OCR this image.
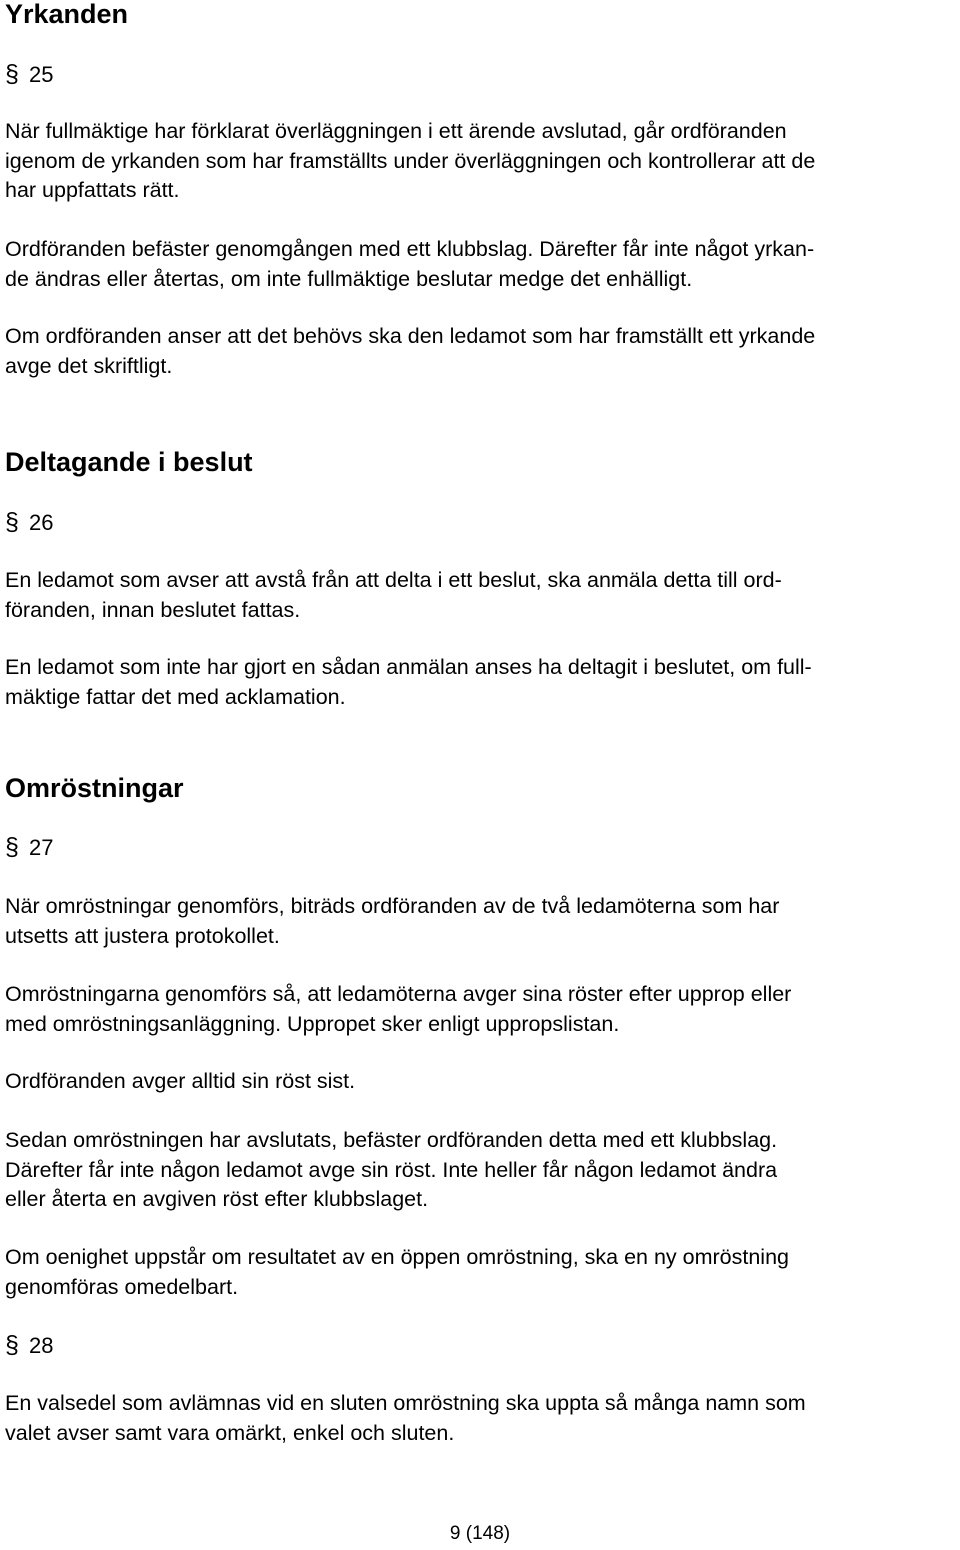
Yrkanden
§ 25

När fullmäktige har förklarat överläggningen i ett ärende avslutad, går ordföranden
igenom de yrkanden som har framställts under överläggningen och kontrollerar att de
har uppfattats rätt.

Ordföranden befäster genomgången med ett klubbslag. Därefter får inte något yrkan-
de ändras eller återtas, om inte fullmäktige beslutar medge det enhälligt.

Om ordföranden anser att det behövs ska den ledamot som har framställt ett yrkande
avge det skriftligt.

Deltagande i beslut
§ 26

En ledamot som avser att avstå från att delta i ett beslut, ska anmäla detta till ord-
föranden, innan beslutet fattas.

En ledamot som inte har gjort en sådan anmälan anses ha deltagit i beslutet, om full-
mäktige fattar det med acklamation.

Omröstningar
§ 27

När omröstningar genomförs, biträds ordföranden av de två ledamöterna som har
utsetts att justera protokollet.

Omröstningarna genomförs så, att ledamöterna avger sina röster efter upprop eller
med omröstningsanläggning. Uppropet sker enligt uppropslistan.

Ordföranden avger alltid sin röst sist.

Sedan omröstningen har avslutats, befäster ordföranden detta med ett klubbslag.
Därefter får inte någon ledamot avge sin röst. Inte heller får någon ledamot ändra
eller återta en avgiven röst efter klubbslaget.

Om oenighet uppstår om resultatet av en öppen omröstning, ska en ny omröstning
genomföras omedelbart.

§ 28

En valsedel som avlämnas vid en sluten omröstning ska uppta så många namn som
valet avser samt vara omärkt, enkel och sluten.

9 (148)
